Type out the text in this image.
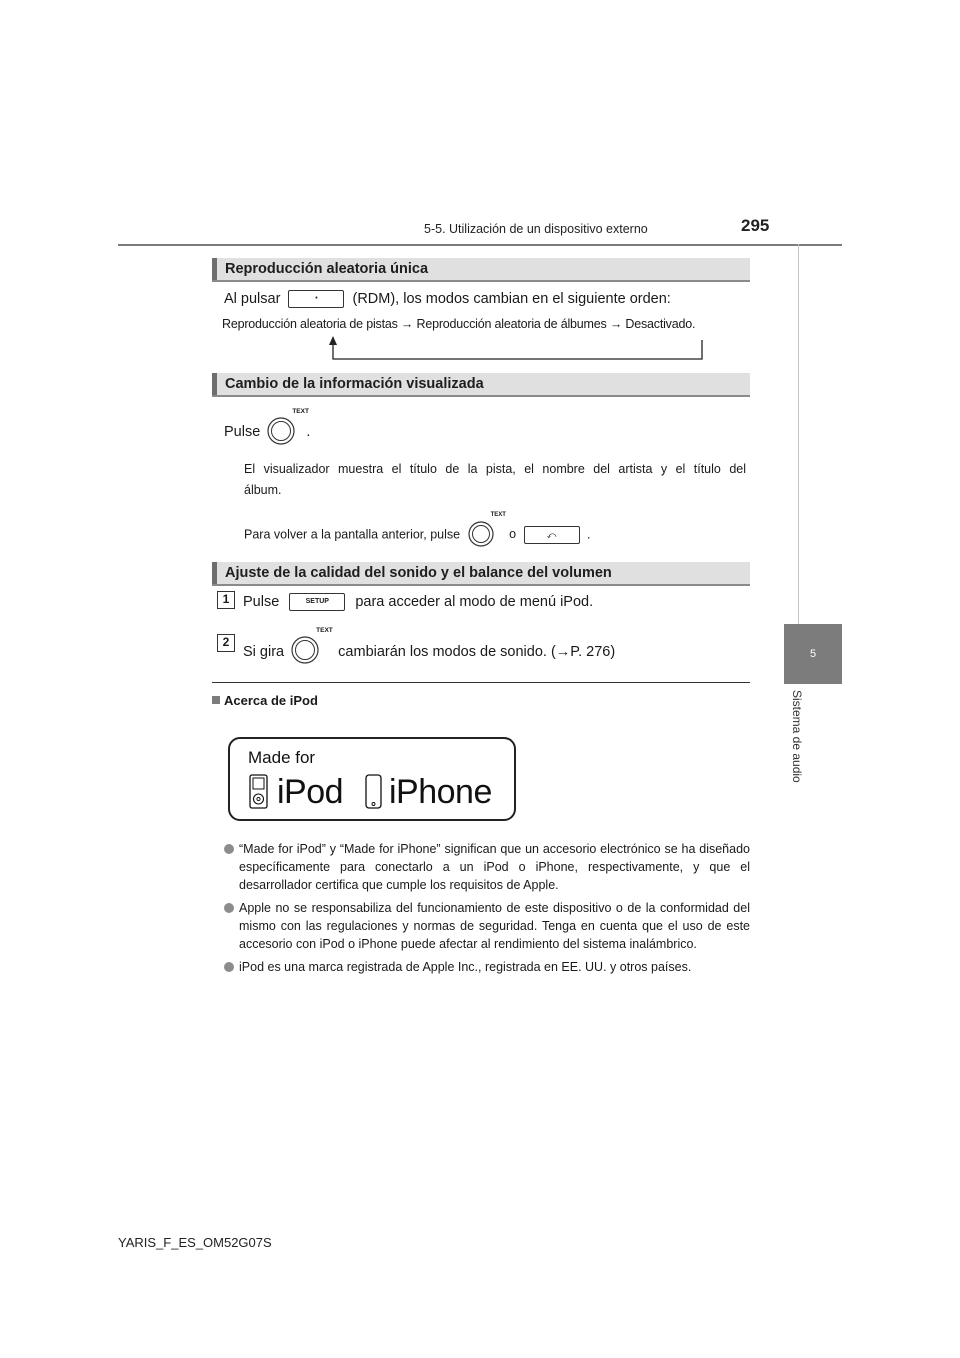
5-5. Utilización de un dispositivo externo	295
5
Sistema de audio
Reproducción aleatoria única
Al pulsar	• (RDM), los modos cambian en el siguiente orden:
Reproducción aleatoria de pistas → Reproducción aleatoria de álbumes → Desactivado.
Cambio de la información visualizada
Pulse
TEXT
.
El visualizador muestra el título de la pista, el nombre del artista y el título del
álbum.
Para volver a la pantalla anterior, pulse
TEXT
o	⤺ .
Ajuste de la calidad del sonido y el balance del volumen
1 Pulse	SETUP para acceder al modo de menú iPod.
2
Si gira
TEXT
cambiarán los modos de sonido. (→P. 276)
Acerca de iPod
Made for
iPod iPhone
“Made for iPod” y “Made for iPhone” significan que un accesorio electrónico se ha diseñado específicamente para conectarlo a un iPod o iPhone, respectivamente, y que el desarrollador certifica que cumple los requisitos de Apple.
Apple no se responsabiliza del funcionamiento de este dispositivo o de la conformidad del mismo con las regulaciones y normas de seguridad. Tenga en cuenta que el uso de este accesorio con iPod o iPhone puede afectar al rendimiento del sistema inalámbrico.
iPod es una marca registrada de Apple Inc., registrada en EE. UU. y otros países.
YARIS_F_ES_OM52G07S
